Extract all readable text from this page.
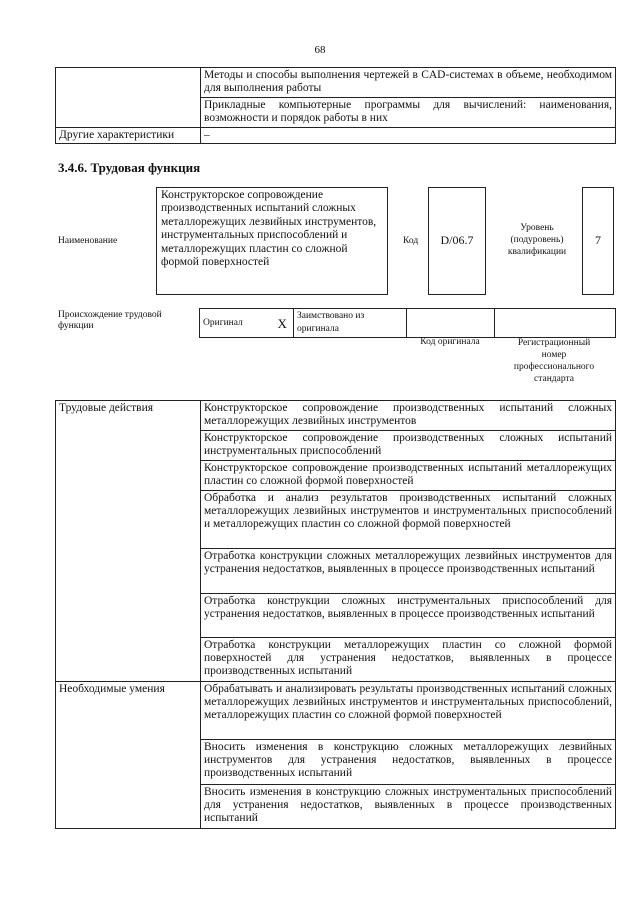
68
	Методы и способы выполнения чертежей в CAD-системах в объеме, необходимом для выполнения работы
	Прикладные компьютерные программы для вычислений: наименования, возможности и порядок работы в них
Другие характеристики	–
3.4.6. Трудовая функция
Наименование
Конструкторское сопровождение производственных испытаний сложных металлорежущих лезвийных инструментов, инструментальных приспособлений и металлорежущих пластин со сложной формой поверхностей
Код	D/06.7
Уровень (подуровень) квалификации
7
Происхождение трудовой функции	Оригинал	X	Заимствовано из оригинала		
Код оригинала	Регистрационный номер профессионального стандарта
Трудовые действия	Конструкторское сопровождение производственных испытаний сложных металлорежущих лезвийных инструментов
	Конструкторское сопровождение производственных сложных испытаний инструментальных приспособлений
	Конструкторское сопровождение производственных испытаний металлорежущих пластин со сложной формой поверхностей
	Обработка и анализ результатов производственных испытаний сложных металлорежущих лезвийных инструментов и инструментальных приспособлений и металлорежущих пластин со сложной формой поверхностей
	Отработка конструкции сложных металлорежущих лезвийных инструментов для устранения недостатков, выявленных в процессе производственных испытаний
	Отработка конструкции сложных инструментальных приспособлений для устранения недостатков, выявленных в процессе производственных испытаний
	Отработка конструкции металлорежущих пластин со сложной формой поверхностей для устранения недостатков, выявленных в процессе производственных испытаний
Необходимые умения	Обрабатывать и анализировать результаты производственных испытаний сложных металлорежущих лезвийных инструментов и инструментальных приспособлений, металлорежущих пластин со сложной формой поверхностей
	Вносить изменения в конструкцию сложных металлорежущих лезвийных инструментов для устранения недостатков, выявленных в процессе производственных испытаний
	Вносить изменения в конструкцию сложных инструментальных приспособлений для устранения недостатков, выявленных в процессе производственных испытаний
